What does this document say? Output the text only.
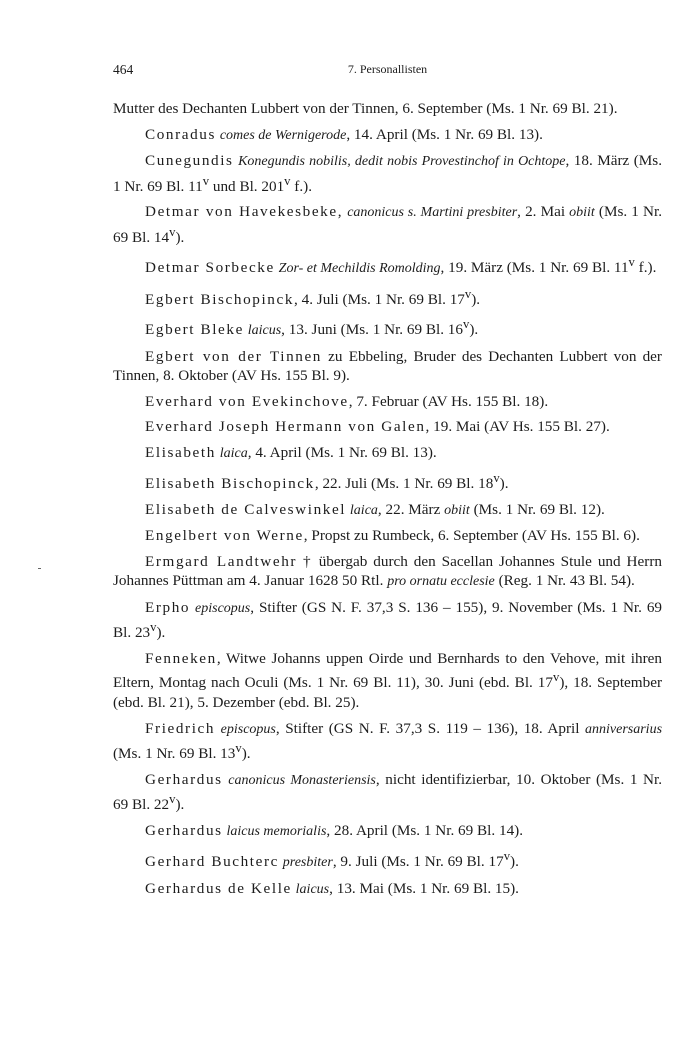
464	7. Personallisten

Mutter des Dechanten Lubbert von der Tinnen, 6. September (Ms. 1 Nr. 69 Bl. 21).

Conradus comes de Wernigerode, 14. April (Ms. 1 Nr. 69 Bl. 13).

Cunegundis Konegundis nobilis, dedit nobis Provestinchof in Ochtope, 18. März (Ms. 1 Nr. 69 Bl. 11$^v$ und Bl. 201$^v$ f.).

Detmar von Havekesbeke, canonicus s. Martini presbiter, 2. Mai obiit (Ms. 1 Nr. 69 Bl. 14$^v$).

Detmar Sorbecke Zor- et Mechildis Romolding, 19. März (Ms. 1 Nr. 69 Bl. 11$^v$ f.).

Egbert Bischopinck, 4. Juli (Ms. 1 Nr. 69 Bl. 17$^v$).

Egbert Bleke laicus, 13. Juni (Ms. 1 Nr. 69 Bl. 16$^v$).

Egbert von der Tinnen zu Ebbeling, Bruder des Dechanten Lubbert von der Tinnen, 8. Oktober (AV Hs. 155 Bl. 9).

Everhard von Evekinchove, 7. Februar (AV Hs. 155 Bl. 18).

Everhard Joseph Hermann von Galen, 19. Mai (AV Hs. 155 Bl. 27).

Elisabeth laica, 4. April (Ms. 1 Nr. 69 Bl. 13).

Elisabeth Bischopinck, 22. Juli (Ms. 1 Nr. 69 Bl. 18$^v$).

Elisabeth de Calveswinkel laica, 22. März obiit (Ms. 1 Nr. 69 Bl. 12).

Engelbert von Werne, Propst zu Rumbeck, 6. September (AV Hs. 155 Bl. 6).

Ermgard Landtwehr † übergab durch den Sacellan Johannes Stule und Herrn Johannes Püttman am 4. Januar 1628 50 Rtl. pro ornatu ecclesie (Reg. 1 Nr. 43 Bl. 54).

Erpho episcopus, Stifter (GS N. F. 37,3 S. 136 – 155), 9. November (Ms. 1 Nr. 69 Bl. 23$^v$).

Fenneken, Witwe Johanns uppen Oirde und Bernhards to den Vehove, mit ihren Eltern, Montag nach Oculi (Ms. 1 Nr. 69 Bl. 11), 30. Juni (ebd. Bl. 17$^v$), 18. September (ebd. Bl. 21), 5. Dezember (ebd. Bl. 25).

Friedrich episcopus, Stifter (GS N. F. 37,3 S. 119 – 136), 18. April anniversarius (Ms. 1 Nr. 69 Bl. 13$^v$).

Gerhardus canonicus Monasteriensis, nicht identifizierbar, 10. Oktober (Ms. 1 Nr. 69 Bl. 22$^v$).

Gerhardus laicus memorialis, 28. April (Ms. 1 Nr. 69 Bl. 14).

Gerhard Buchterc presbiter, 9. Juli (Ms. 1 Nr. 69 Bl. 17$^v$).

Gerhardus de Kelle laicus, 13. Mai (Ms. 1 Nr. 69 Bl. 15).
